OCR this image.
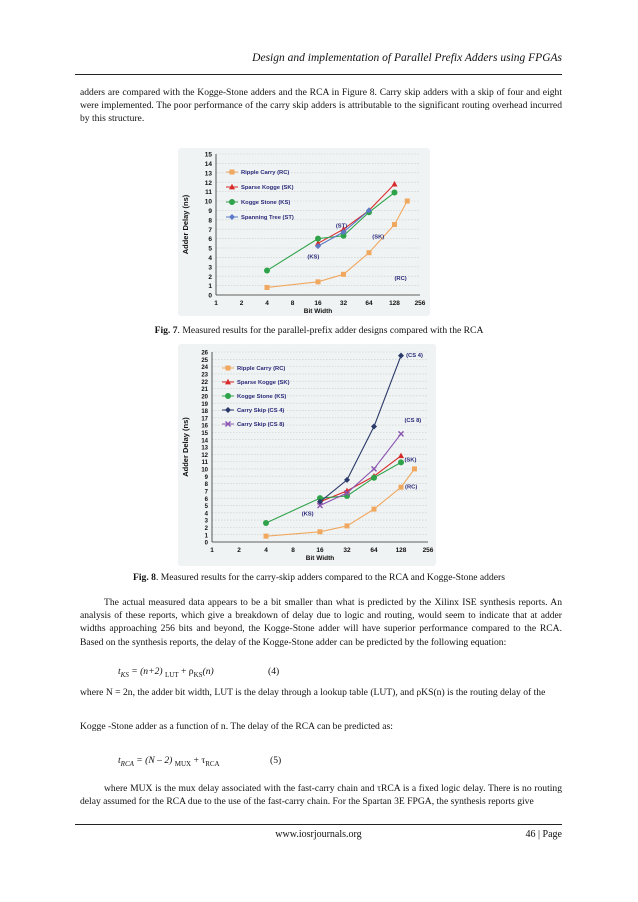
Design and implementation of Parallel Prefix Adders using FPGAs

adders are compared with the Kogge-Stone adders and the RCA in Figure 8. Carry skip adders with a skip of four and eight were implemented. The poor performance of the carry skip adders is attributable to the significant routing overhead incurred by this structure.

0
1
2
3
4
5
6
7
8
9
10
11
12
13
14
15
1	2	4	8	16	32	64	128 256
Bit Width
Adder Delay (ns)
Ripple Carry (RC)
(RC)
Sparse Kogge (SK)
(SK)
Kogge Stone (KS)
(KS)
Spanning Tree (ST)
(ST)
Fig. 7. Measured results for the parallel-prefix adder designs compared with the RCA
0
1
2
3
4
5
6
7
8
9
10
11
12
13
14
15
16
17
18
19
20
21
22
23
24
25
26
1	2	4	8	16	32	64	128 256
Bit Width
Adder Delay (ns)
Ripple Carry (RC)
(RC)
Sparse Kogge (SK)
(SK)
Kogge Stone (KS)
(KS)
Carry Skip (CS 4)
(CS 4)
Carry Skip (CS 8)
(CS 8)
Fig. 8. Measured results for the carry-skip adders compared to the RCA and Kogge-Stone adders

The actual measured data appears to be a bit smaller than what is predicted by the Xilinx ISE synthesis reports. An analysis of these reports, which give a breakdown of delay due to logic and routing, would seem to indicate that at adder widths approaching 256 bits and beyond, the Kogge-Stone adder will have superior performance compared to the RCA. Based on the synthesis reports, the delay of the Kogge-Stone adder can be predicted by the following equation:

$t_{KS} = (n+2) _{LUT} + \rho_{KS}(n)$	(4)

where N = 2n, the adder bit width, LUT is the delay through a lookup table (LUT), and ρKS(n) is the routing delay of the

Kogge -Stone adder as a function of n. The delay of the RCA can be predicted as:

$t_{RCA} = (N - 2) _{MUX} + \tau_{RCA}$	(5)

where MUX is the mux delay associated with the fast-carry chain and τRCA is a fixed logic delay. There is no routing delay assumed for the RCA due to the use of the fast-carry chain. For the Spartan 3E FPGA, the synthesis reports give

www.iosrjournals.org	46 | Page
